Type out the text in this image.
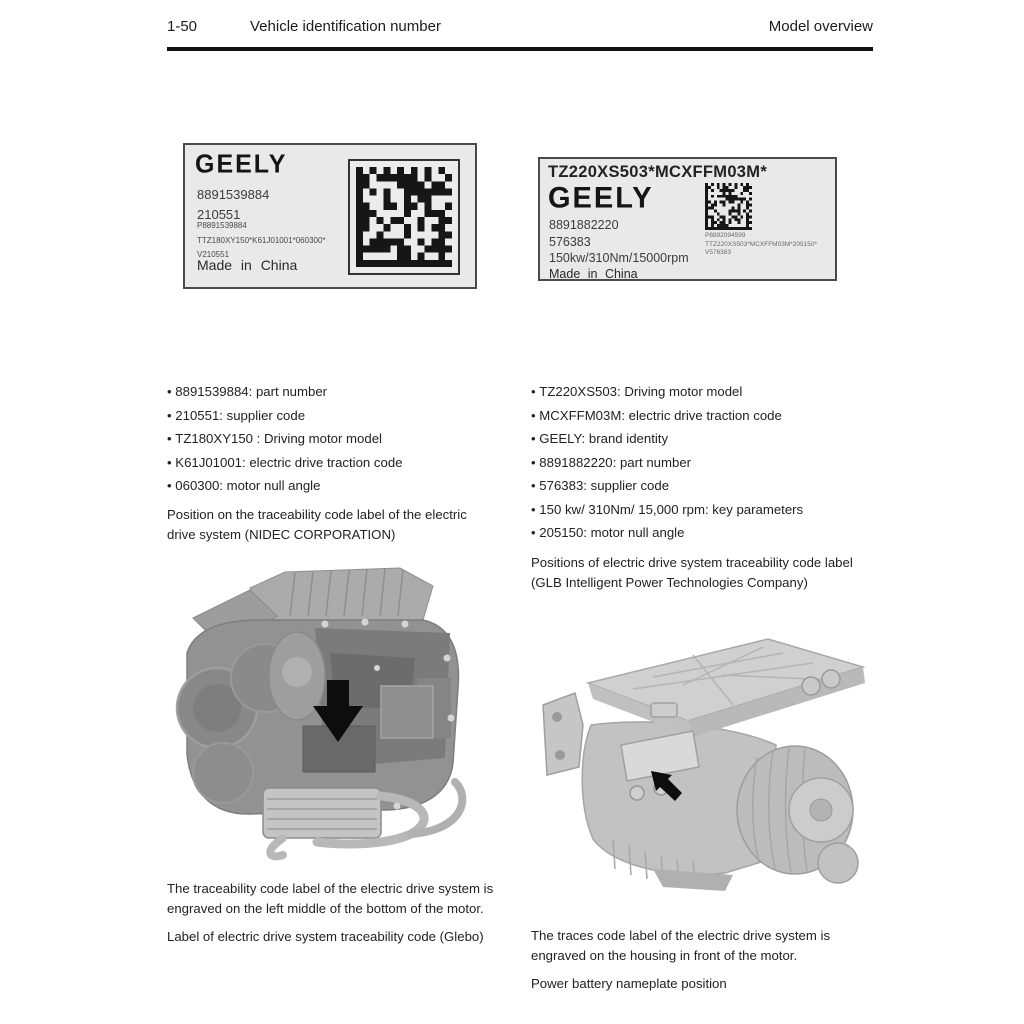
1-50	Vehicle identification number	Model overview
GEELY
8891539884
210551
P8891539884
TTZ180XY150*K61J01001*060300*
V210551
Made in China
TZ220XS503*MCXFFM03M*
GEELY
8891882220
576383
150kw/310Nm/15000rpm
Made in China
P8892094599
TTZ220XS503*MCXFFM03M*205150*
V576383
• 8891539884: part number
• 210551: supplier code
• TZ180XY150 : Driving motor model
• K61J01001: electric drive traction code
• 060300: motor null angle

Position on the traceability code label of the electric drive system (NIDEC CORPORATION)

• TZ220XS503: Driving motor model
• MCXFFM03M: electric drive traction code
• GEELY: brand identity
• 8891882220: part number
• 576383: supplier code
• 150 kw/ 310Nm/ 15,000 rpm: key parameters
• 205150: motor null angle

Positions of electric drive system traceability code label (GLB Intelligent Power Technologies Company)

The traceability code label of the electric drive system is engraved on the left middle of the bottom of the motor.

Label of electric drive system traceability code (Glebo)	The traces code label of the electric drive system is engraved on the housing in front of the motor.

Power battery nameplate position
